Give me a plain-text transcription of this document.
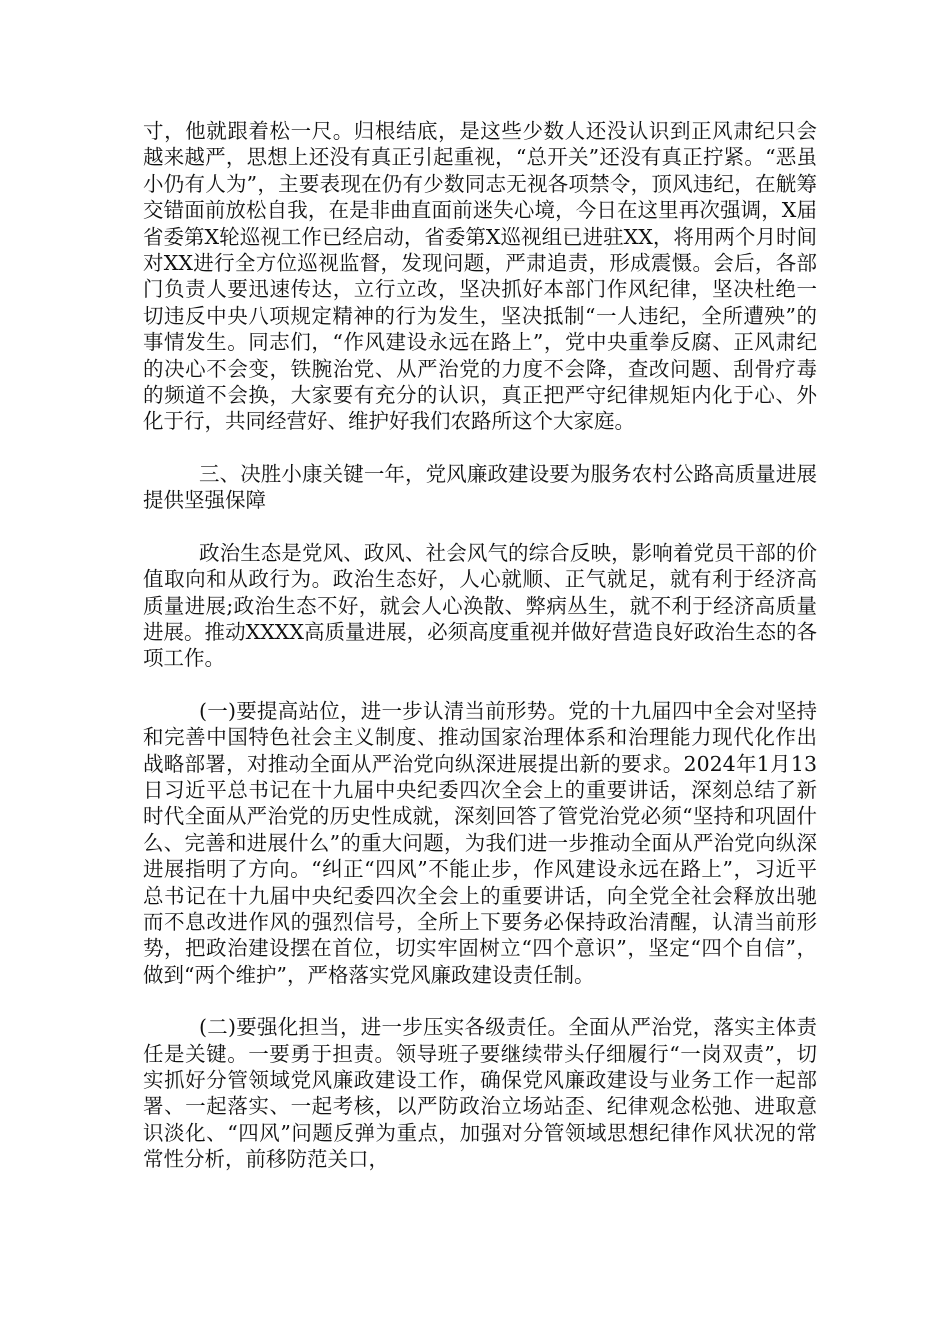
寸，他就跟着松一尺。归根结底，是这些少数人还没认识到正风肃纪只会越来越严，思想上还没有真正引起重视，“总开关”还没有真正拧紧。“恶虽小仍有人为”，主要表现在仍有少数同志无视各项禁令，顶风违纪，在觥筹交错面前放松自我，在是非曲直面前迷失心境，今日在这里再次强调，X届省委第X轮巡视工作已经启动，省委第X巡视组已进驻XX，将用两个月时间对XX进行全方位巡视监督，发现问题，严肃追责，形成震慑。会后，各部门负责人要迅速传达，立行立改，坚决抓好本部门作风纪律，坚决杜绝一切违反中央八项规定精神的行为发生，坚决抵制“一人违纪，全所遭殃”的事情发生。同志们，“作风建设永远在路上”，党中央重拳反腐、正风肃纪的决心不会变，铁腕治党、从严治党的力度不会降，查改问题、刮骨疗毒的频道不会换，大家要有充分的认识，真正把严守纪律规矩内化于心、外化于行，共同经营好、维护好我们农路所这个大家庭。

三、决胜小康关键一年，党风廉政建设要为服务农村公路高质量进展提供坚强保障

政治生态是党风、政风、社会风气的综合反映，影响着党员干部的价值取向和从政行为。政治生态好，人心就顺、正气就足，就有利于经济高质量进展;政治生态不好，就会人心涣散、弊病丛生，就不利于经济高质量进展。推动XXXX高质量进展，必须高度重视并做好营造良好政治生态的各项工作。

(一)要提高站位，进一步认清当前形势。党的十九届四中全会对坚持和完善中国特色社会主义制度、推动国家治理体系和治理能力现代化作出战略部署，对推动全面从严治党向纵深进展提出新的要求。2024年1月13日习近平总书记在十九届中央纪委四次全会上的重要讲话，深刻总结了新时代全面从严治党的历史性成就，深刻回答了管党治党必须“坚持和巩固什么、完善和进展什么”的重大问题，为我们进一步推动全面从严治党向纵深进展指明了方向。“纠正“四风”不能止步，作风建设永远在路上”，习近平总书记在十九届中央纪委四次全会上的重要讲话，向全党全社会释放出驰而不息改进作风的强烈信号，全所上下要务必保持政治清醒，认清当前形势，把政治建设摆在首位，切实牢固树立“四个意识”，坚定“四个自信”，做到“两个维护”，严格落实党风廉政建设责任制。

(二)要强化担当，进一步压实各级责任。全面从严治党，落实主体责任是关键。一要勇于担责。领导班子要继续带头仔细履行“一岗双责”，切实抓好分管领域党风廉政建设工作，确保党风廉政建设与业务工作一起部署、一起落实、一起考核，以严防政治立场站歪、纪律观念松弛、进取意识淡化、“四风”问题反弹为重点，加强对分管领域思想纪律作风状况的常常性分析，前移防范关口，
